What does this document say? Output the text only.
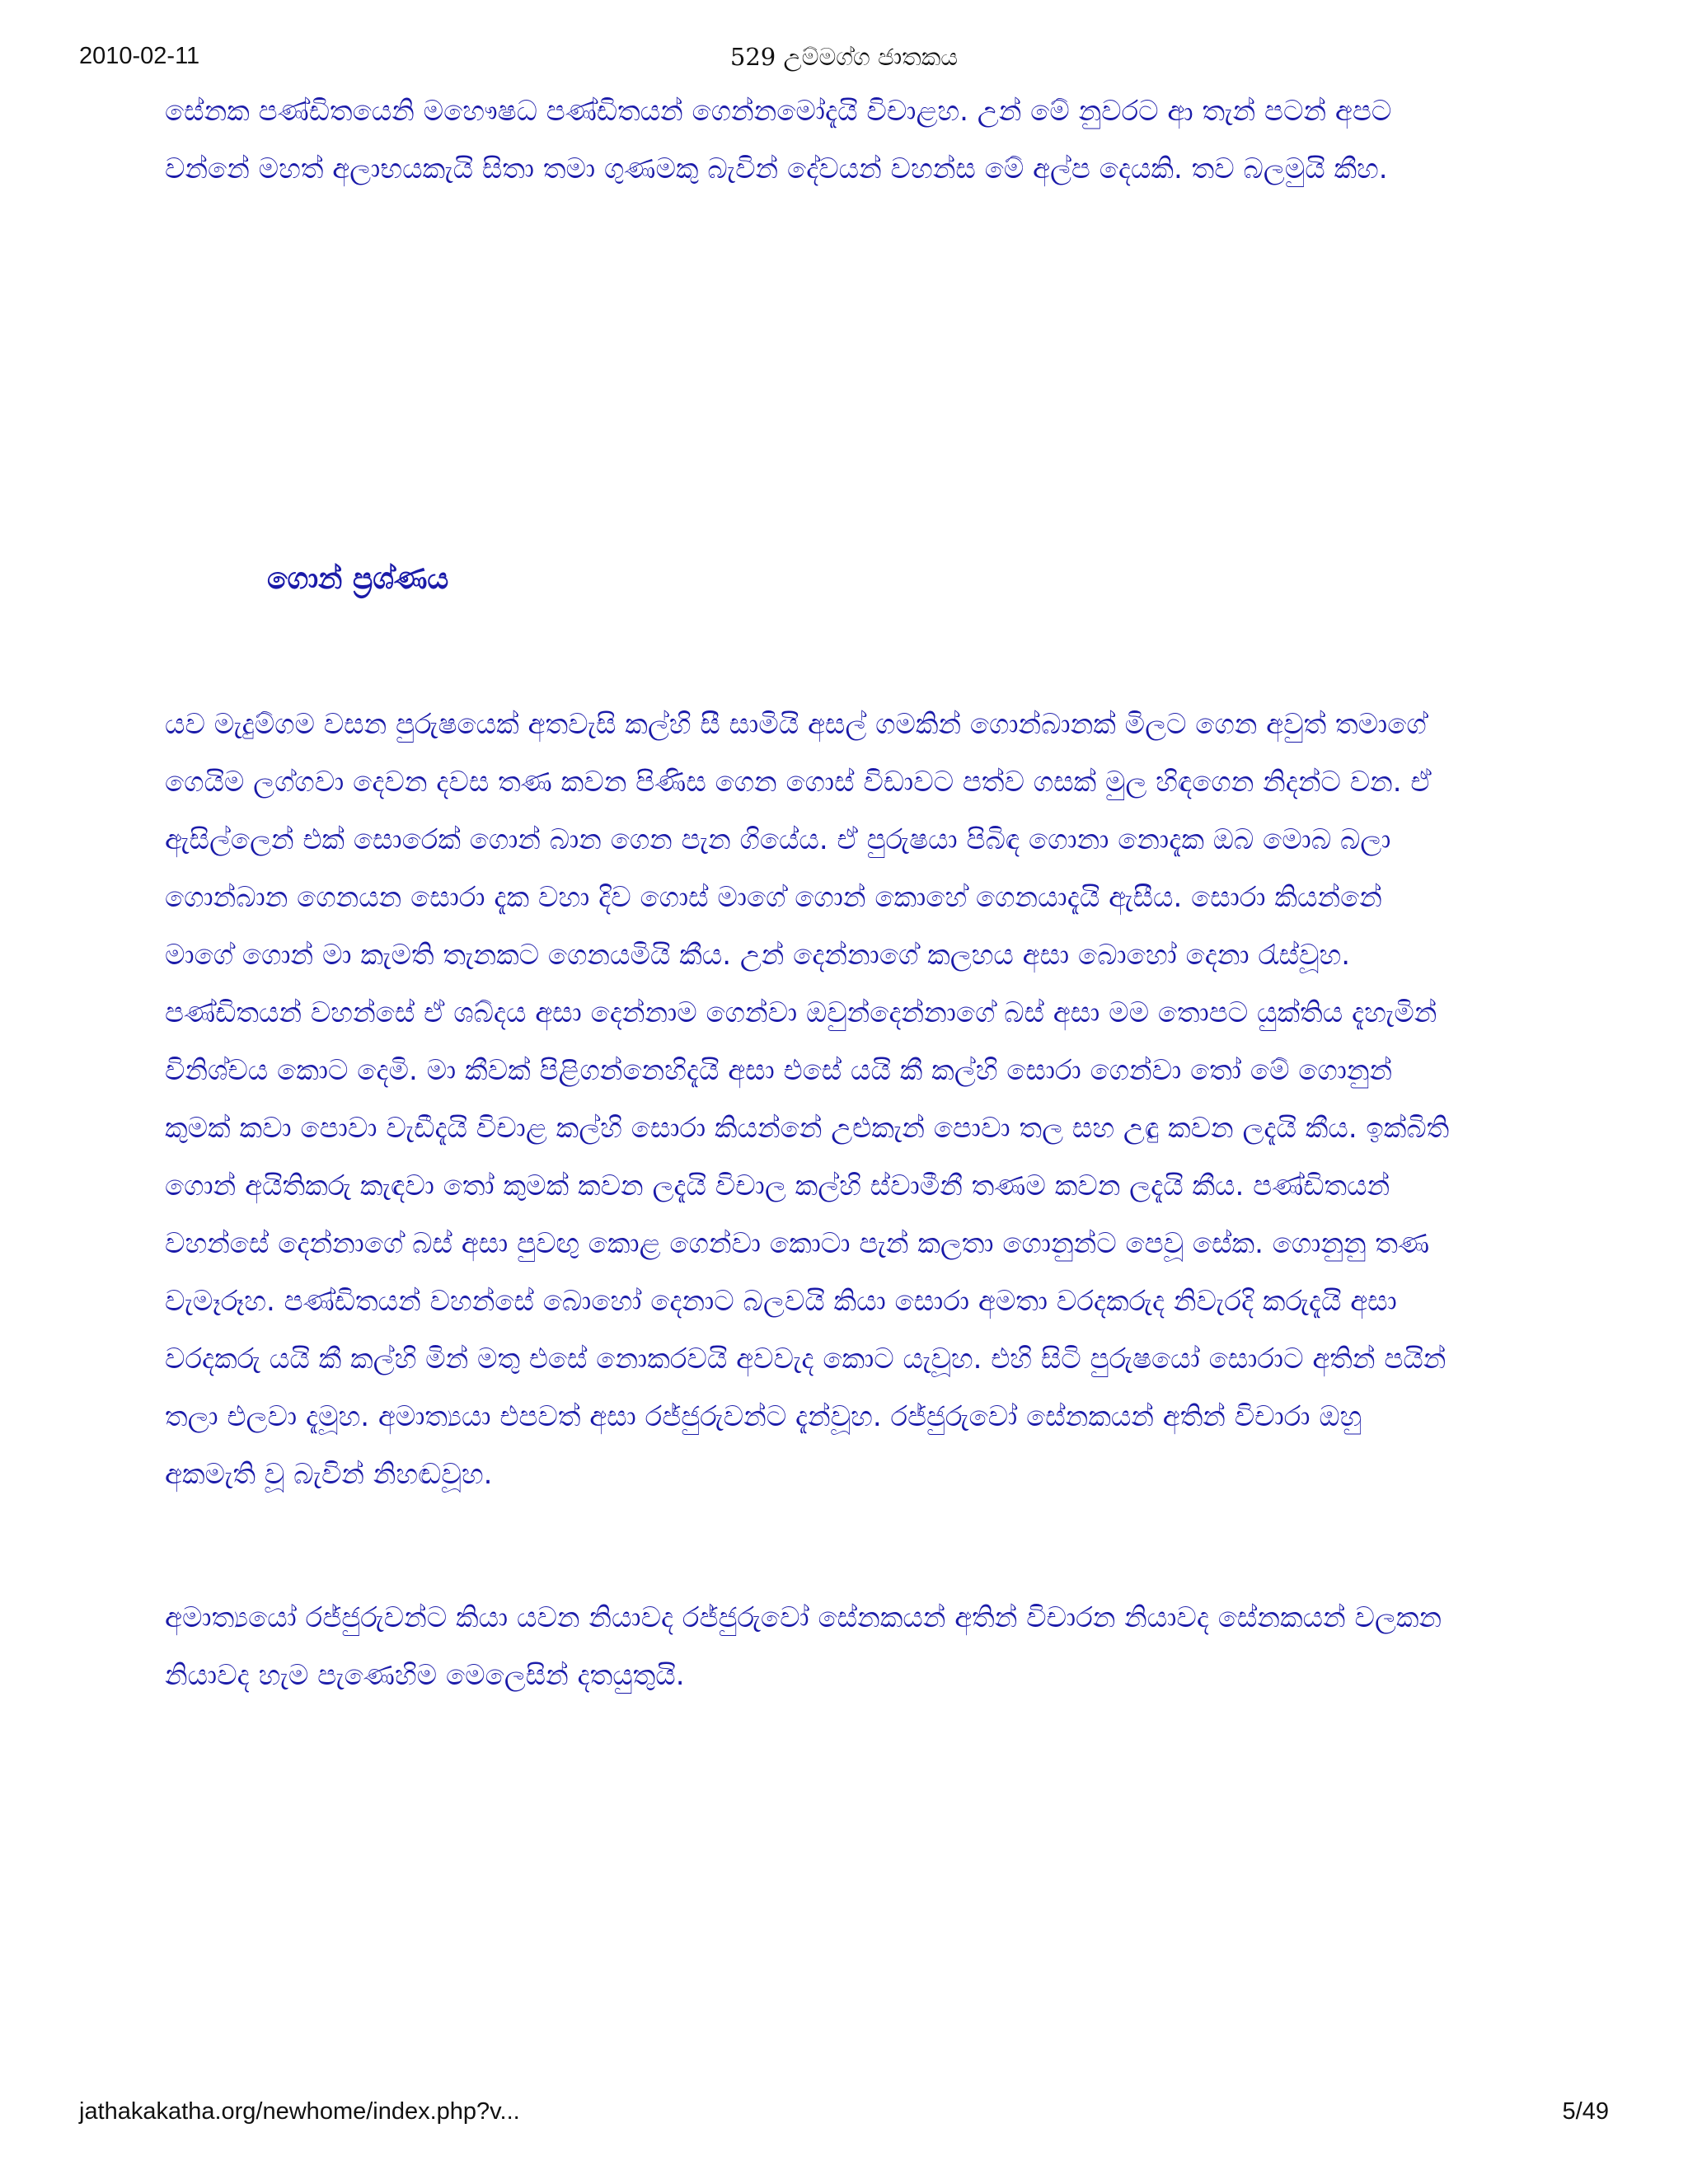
2010-02-11	529 උම්මග්ග ජාතකය

සේනක පණ්ඩිතයෙනි මහෞෂධ පණ්ඩිතයන් ගෙන්නමෝදැයි විචාළහ. උන් මේ නුවරට ආ තැන් පටන් අපට වන්නේ මහත් අලාභයකැයි සිතා තමා ගුණමකු බැවින් දේවයන් වහන්ස මේ අල්ප දෙයකි. තව බලමුයි කීහ.

ගොන් ප්‍රශ්ණය

යව මැදුම්ගම වසන පුරුෂයෙක් අතවැසි කල්හි සී සාමියි අසල් ගමකින් ගොන්බානක් මිලට ගෙන අවුත් තමාගේ ගෙයිම ලග්ගවා දෙවන දවස තණ කවන පිණිස ගෙන ගොස් විඩාවට පත්ව ගසක් මුල හිඳගෙන නිදන්ට වන. ඒ ඇසිල්ලෙන් එක් සොරෙක් ගොන් බාන ගෙන පැන ගියේය. ඒ පුරුෂයා පිබිඳ ගොනා නොදැක ඔබ මොබ බලා ගොන්බාන ගෙනයන සොරා දැක වහා දිව ගොස් මාගේ ගොන් කොහේ ගෙනයාදැයි ඇසීය. සොරා කියන්නේ මාගේ ගොන් මා කැමති තැනකට ගෙනයමියි කීය. උන් දෙන්නාගේ කලහය අසා බොහෝ දෙනා රැස්වූහ. පණ්ඩිතයන් වහන්සේ ඒ ශබ්දය අසා දෙන්නාම ගෙන්වා ඔවුන්දෙන්නාගේ බස් අසා මම තොපට යුක්තිය දැහැමින් විනිශ්චය කොට දෙමි. මා කීවක් පිළිගන්නෙහිදැයි අසා එසේ යයි කී කල්හි සොරා ගෙන්වා තෝ මේ ගොනුන් කුමක් කවා පොවා වැඩීදැයි විචාළ කල්හි සොරා කියන්නේ උළුකැන් පොවා තල සහ උඳු කවන ලදැයි කීය. ඉක්බිති ගොන් අයිතිකරු කැඳවා තෝ කුමක් කවන ලදැයි විචාල කල්හි ස්වාමීනී තණම කවන ලදැයි කීය. පණ්ඩිතයන් වහන්සේ දෙන්නාගේ බස් අසා පුවඟු කොළ ගෙන්වා කොටා පැන් කලතා ගොනුන්ට පෙවූ සේක. ගොනුනු තණ වැමෑරූහ. පණ්ඩිතයන් වහන්සේ බොහෝ දෙනාට බලවයි කියා සොරා අමතා වරදකරුද නිවැරදි කරුදැයි අසා වරදකරු යයි කී කල්හි මින් මතු එසේ නොකරවයි අවවැද කොට යැවූහ. එහි සිටි පුරුෂයෝ සොරාට අතින් පයින් තලා එලවා දැමූහ. අමාත්‍යයා එපවත් අසා රජ්ජුරුවන්ට දැන්වූහ. රජ්ජුරුවෝ සේනකයන් අතින් විචාරා ඔහු අකමැති වූ බැවින් නිහඬවූහ.

අමාත්‍යයෝ රජ්ජුරුවන්ට කියා යවන නියාවද රජ්ජුරුවෝ සේනකයන් අතින් විචාරන නියාවද සේනකයන් වලකන නියාවද හැම පැණෙහිම මෙලෙසින් දතයුතුයි.

jathakakatha.org/newhome/index.php?v...	5/49
